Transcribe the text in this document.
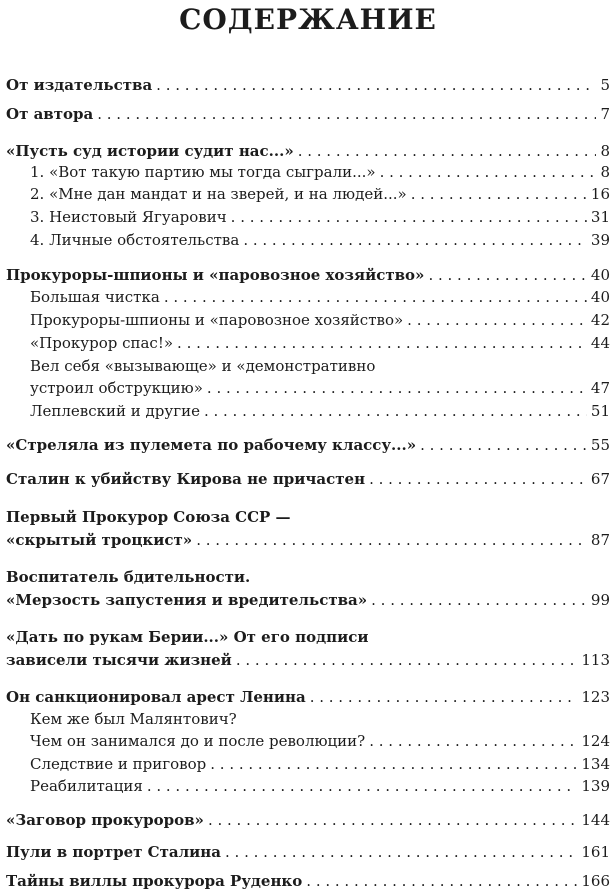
СОДЕРЖАНИЕ
От издательства . . .	5
От автора . . .	7
«Пусть суд истории судит нас...» . . .	8
1. «Вот такую партию мы тогда сыграли...» . . .	8
2. «Мне дан мандат и на зверей, и на людей...» . . .	16
3. Неистовый Ягуарович . . .	31
4. Личные обстоятельства . . .	39
Прокуроры-шпионы и «паровозное хозяйство» . . .	40
Большая чистка . . .	40
Прокуроры-шпионы и «паровозное хозяйство» . . .	42
«Прокурор спас!» . . .	44
Вел себя «вызывающе» и «демонстративно
устроил обструкцию» . . .	47
Леплевский и другие . . .	51
«Стреляла из пулемета по рабочему классу...» . . .	55
Сталин к убийству Кирова не причастен . . .	67
Первый Прокурор Союза ССР —
«скрытый троцкист» . . .	87
Воспитатель бдительности.
«Мерзость запустения и вредительства» . . .	99
«Дать по рукам Берии...» От его подписи
зависели тысячи жизней . . .	113
Он санкционировал арест Ленина . . .	123
Кем же был Малянтович?
Чем он занимался до и после революции? . . .	124
Следствие и приговор . . .	134
Реабилитация . . .	139
«Заговор прокуроров» . . .	144
Пули в портрет Сталина . . .	161
Тайны виллы прокурора Руденко . . .	166
